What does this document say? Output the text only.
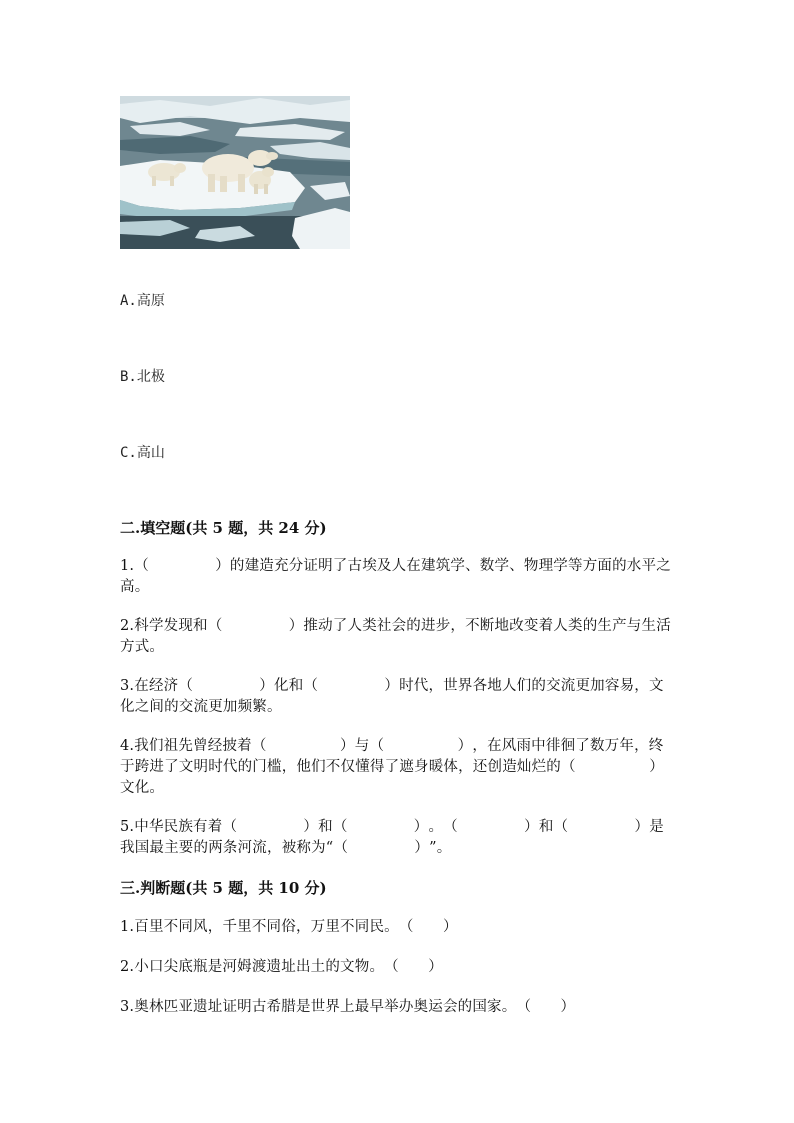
A.高原
B.北极
C.高山
二.填空题(共 5 题，共 24 分)
1.（     ）的建造充分证明了古埃及人在建筑学、数学、物理学等方面的水平之高。
2.科学发现和（     ）推动了人类社会的进步，不断地改变着人类的生产与生活方式。
3.在经济（     ）化和（     ）时代，世界各地人们的交流更加容易，文化之间的交流更加频繁。
4.我们祖先曾经披着（     ）与（     ），在风雨中徘徊了数万年，终于跨进了文明时代的门槛，他们不仅懂得了遮身暖体，还创造灿烂的（     ）文化。
5.中华民族有着（     ）和（     ）。（     ）和（     ）是我国最主要的两条河流，被称为“（     ）”。
三.判断题(共 5 题，共 10 分)
1.百里不同风，千里不同俗，万里不同民。（  ）
2.小口尖底瓶是河姆渡遗址出土的文物。（  ）
3.奥林匹亚遗址证明古希腊是世界上最早举办奥运会的国家。（  ）
